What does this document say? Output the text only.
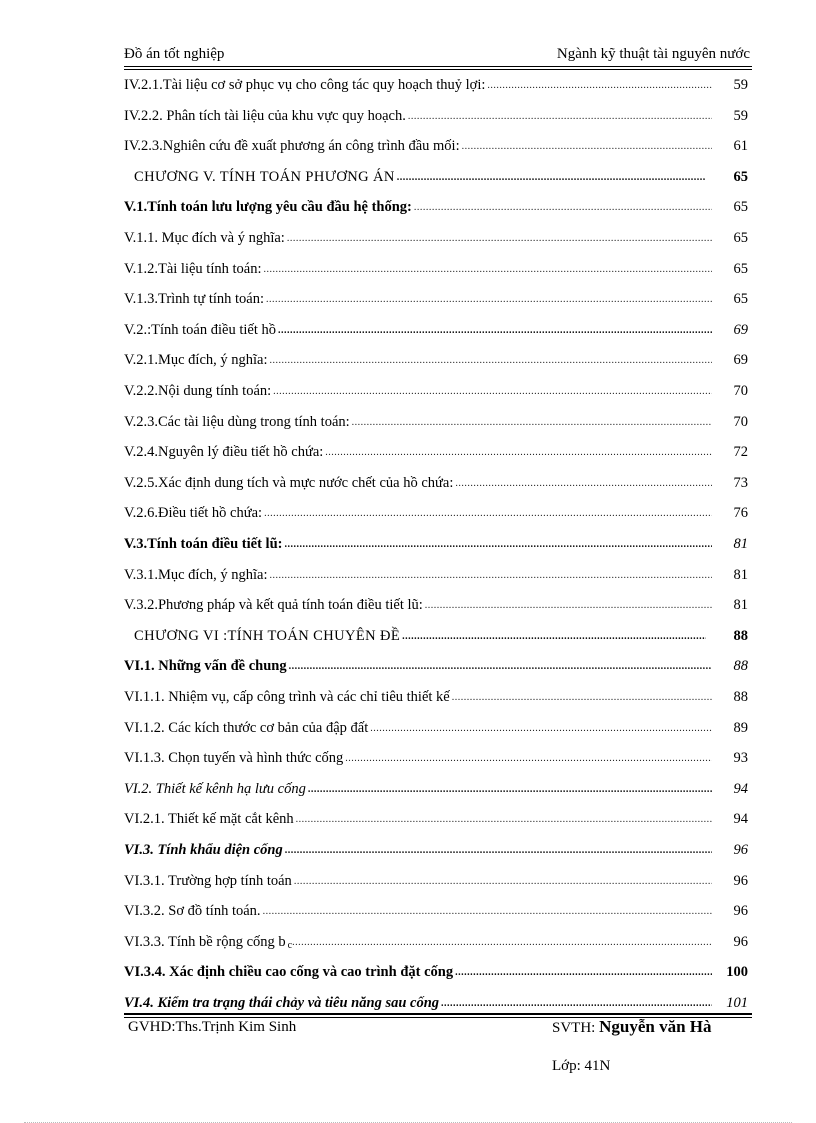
Đồ án tốt nghiệp	Ngành kỹ thuật tài nguyên nước
IV.2.1.Tài liệu cơ sở phục vụ cho công tác quy hoạch thuỷ lợi: .....	59
IV.2.2. Phân tích tài liệu của khu vực quy hoạch. .....	59
IV.2.3.Nghiên cứu đề xuất phương án công trình đầu mối: .....	61
CHƯƠNG V. TÍNH TOÁN PHƯƠNG ÁN .....	65
V.1.Tính toán lưu lượng yêu cầu đầu hệ thống: .....	65
V.1.1. Mục đích và ý nghĩa: .....	65
V.1.2.Tài liệu tính toán: .....	65
V.1.3.Trình tự tính toán: .....	65
V.2.:Tính toán điều tiết hồ .....	69
V.2.1.Mục đích, ý nghĩa: .....	69
V.2.2.Nội dung tính toán: .....	70
V.2.3.Các tài liệu dùng trong tính toán: .....	70
V.2.4.Nguyên lý điều tiết hồ chứa: .....	72
V.2.5.Xác định dung tích và mực nước chết của hồ chứa: .....	73
V.2.6.Điều tiết hồ chứa: .....	76
V.3.Tính toán điều tiết lũ: .....	81
V.3.1.Mục đích, ý nghĩa: .....	81
V.3.2.Phương pháp và kết quả tính toán điều tiết lũ: .....	81
CHƯƠNG VI :TÍNH TOÁN CHUYÊN ĐỀ .....	88
VI.1. Những vấn đề chung .....	88
VI.1.1. Nhiệm vụ, cấp công trình và các chỉ tiêu thiết kế .....	88
VI.1.2. Các kích thước cơ bản của đập đất .....	89
VI.1.3. Chọn tuyến và hình thức cống .....	93
VI.2. Thiết kế kênh hạ lưu cống .....	94
VI.2.1. Thiết kế mặt cắt kênh .....	94
VI.3. Tính khẩu diện cống .....	96
VI.3.1. Trường hợp tính toán .....	96
VI.3.2. Sơ đồ tính toán. .....	96
VI.3.3. Tính bề rộng cống $b_c$ .....	96
VI.3.4. Xác định chiều cao cống và cao trình đặt cống .....	100
VI.4. Kiểm tra trạng thái chảy và tiêu năng sau cống .....	101
GVHD:Ths.Trịnh Kim Sinh	SVTH: Nguyễn văn Hà
Lớp: 41N
